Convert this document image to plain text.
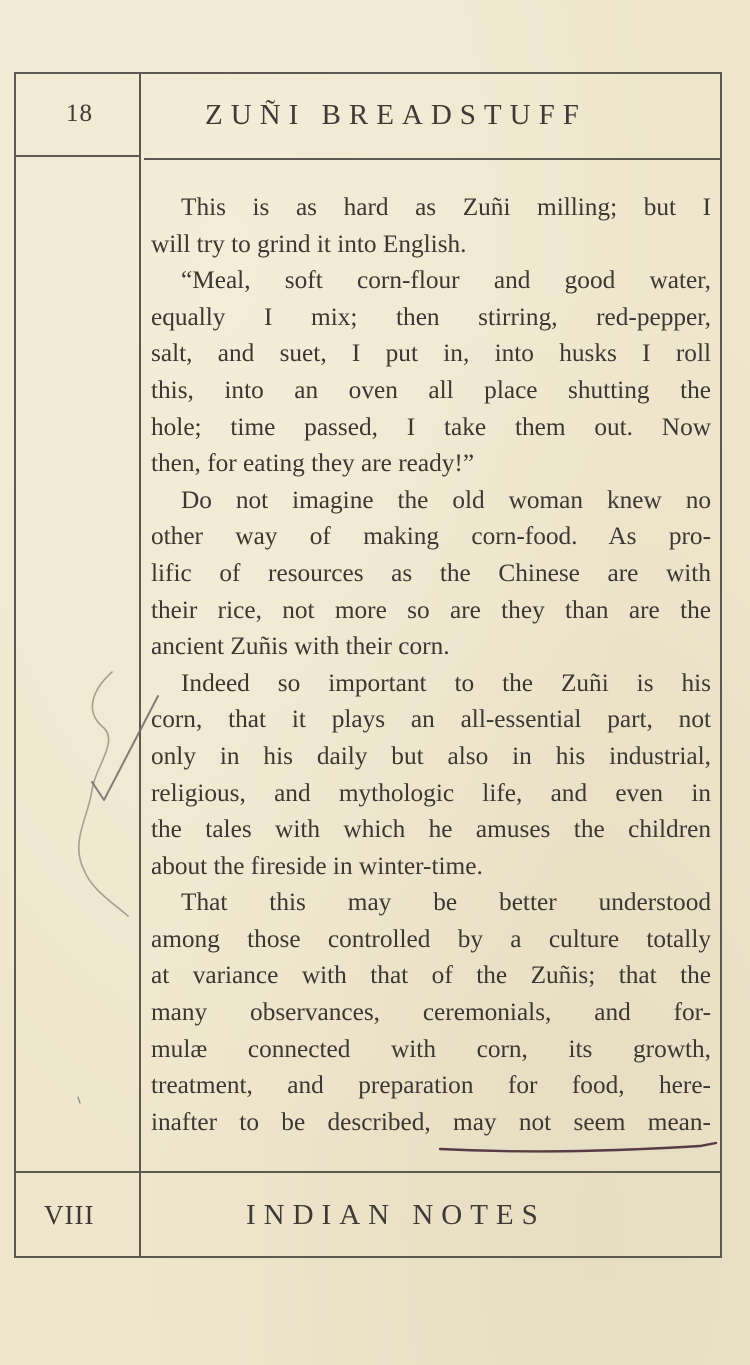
18	ZUÑI BREADSTUFF
This is as hard as Zuñi milling; but I
will try to grind it into English.
“Meal, soft corn-flour and good water,
equally I mix; then stirring, red-pepper,
salt, and suet, I put in, into husks I roll
this, into an oven all place shutting the
hole; time passed, I take them out. Now
then, for eating they are ready!”
Do not imagine the old woman knew no
other way of making corn-food. As pro-
lific of resources as the Chinese are with
their rice, not more so are they than are the
ancient Zuñis with their corn.
Indeed so important to the Zuñi is his
corn, that it plays an all-essential part, not
only in his daily but also in his industrial,
religious, and mythologic life, and even in
the tales with which he amuses the children
about the fireside in winter-time.
That this may be better understood
among those controlled by a culture totally
at variance with that of the Zuñis; that the
many observances, ceremonials, and for-
mulæ connected with corn, its growth,
treatment, and preparation for food, here-
inafter to be described, may not seem mean-
VIII	INDIAN NOTES
